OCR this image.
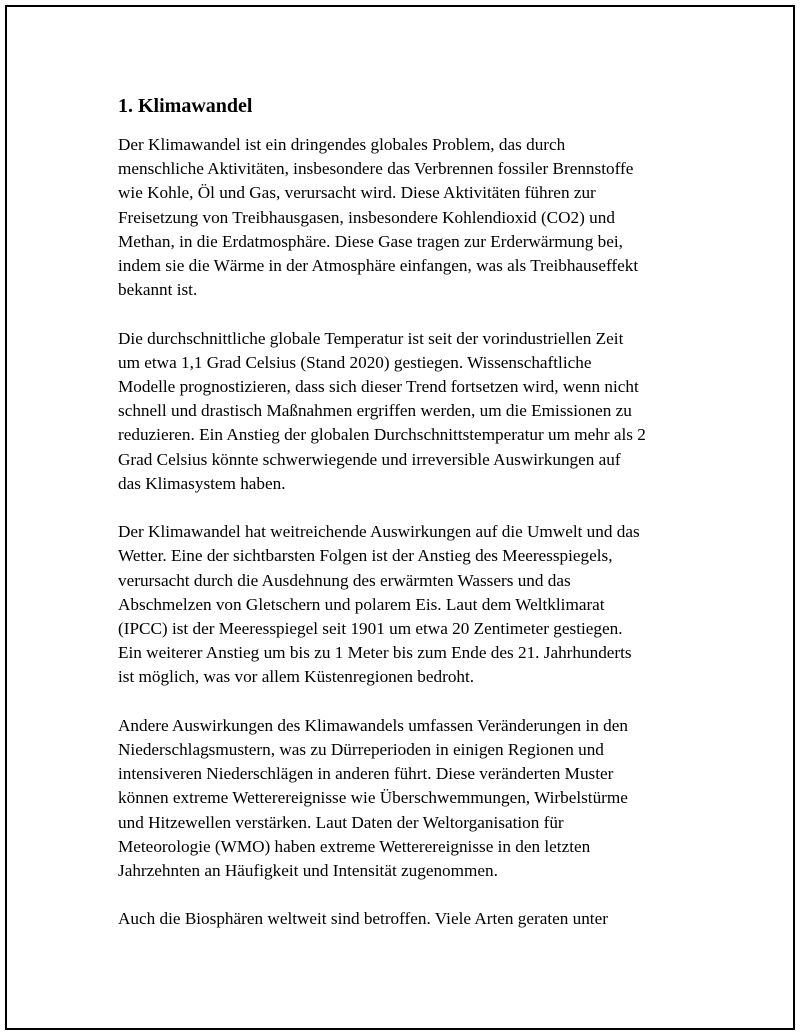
1. Klimawandel

Der Klimawandel ist ein dringendes globales Problem, das durch
menschliche Aktivitäten, insbesondere das Verbrennen fossiler Brennstoffe
wie Kohle, Öl und Gas, verursacht wird. Diese Aktivitäten führen zur
Freisetzung von Treibhausgasen, insbesondere Kohlendioxid (CO2) und
Methan, in die Erdatmosphäre. Diese Gase tragen zur Erderwärmung bei,
indem sie die Wärme in der Atmosphäre einfangen, was als Treibhauseffekt
bekannt ist.

Die durchschnittliche globale Temperatur ist seit der vorindustriellen Zeit
um etwa 1,1 Grad Celsius (Stand 2020) gestiegen. Wissenschaftliche
Modelle prognostizieren, dass sich dieser Trend fortsetzen wird, wenn nicht
schnell und drastisch Maßnahmen ergriffen werden, um die Emissionen zu
reduzieren. Ein Anstieg der globalen Durchschnittstemperatur um mehr als 2
Grad Celsius könnte schwerwiegende und irreversible Auswirkungen auf
das Klimasystem haben.

Der Klimawandel hat weitreichende Auswirkungen auf die Umwelt und das
Wetter. Eine der sichtbarsten Folgen ist der Anstieg des Meeresspiegels,
verursacht durch die Ausdehnung des erwärmten Wassers und das
Abschmelzen von Gletschern und polarem Eis. Laut dem Weltklimarat
(IPCC) ist der Meeresspiegel seit 1901 um etwa 20 Zentimeter gestiegen.
Ein weiterer Anstieg um bis zu 1 Meter bis zum Ende des 21. Jahrhunderts
ist möglich, was vor allem Küstenregionen bedroht.

Andere Auswirkungen des Klimawandels umfassen Veränderungen in den
Niederschlagsmustern, was zu Dürreperioden in einigen Regionen und
intensiveren Niederschlägen in anderen führt. Diese veränderten Muster
können extreme Wetterereignisse wie Überschwemmungen, Wirbelstürme
und Hitzewellen verstärken. Laut Daten der Weltorganisation für
Meteorologie (WMO) haben extreme Wetterereignisse in den letzten
Jahrzehnten an Häufigkeit und Intensität zugenommen.

Auch die Biosphären weltweit sind betroffen. Viele Arten geraten unter
